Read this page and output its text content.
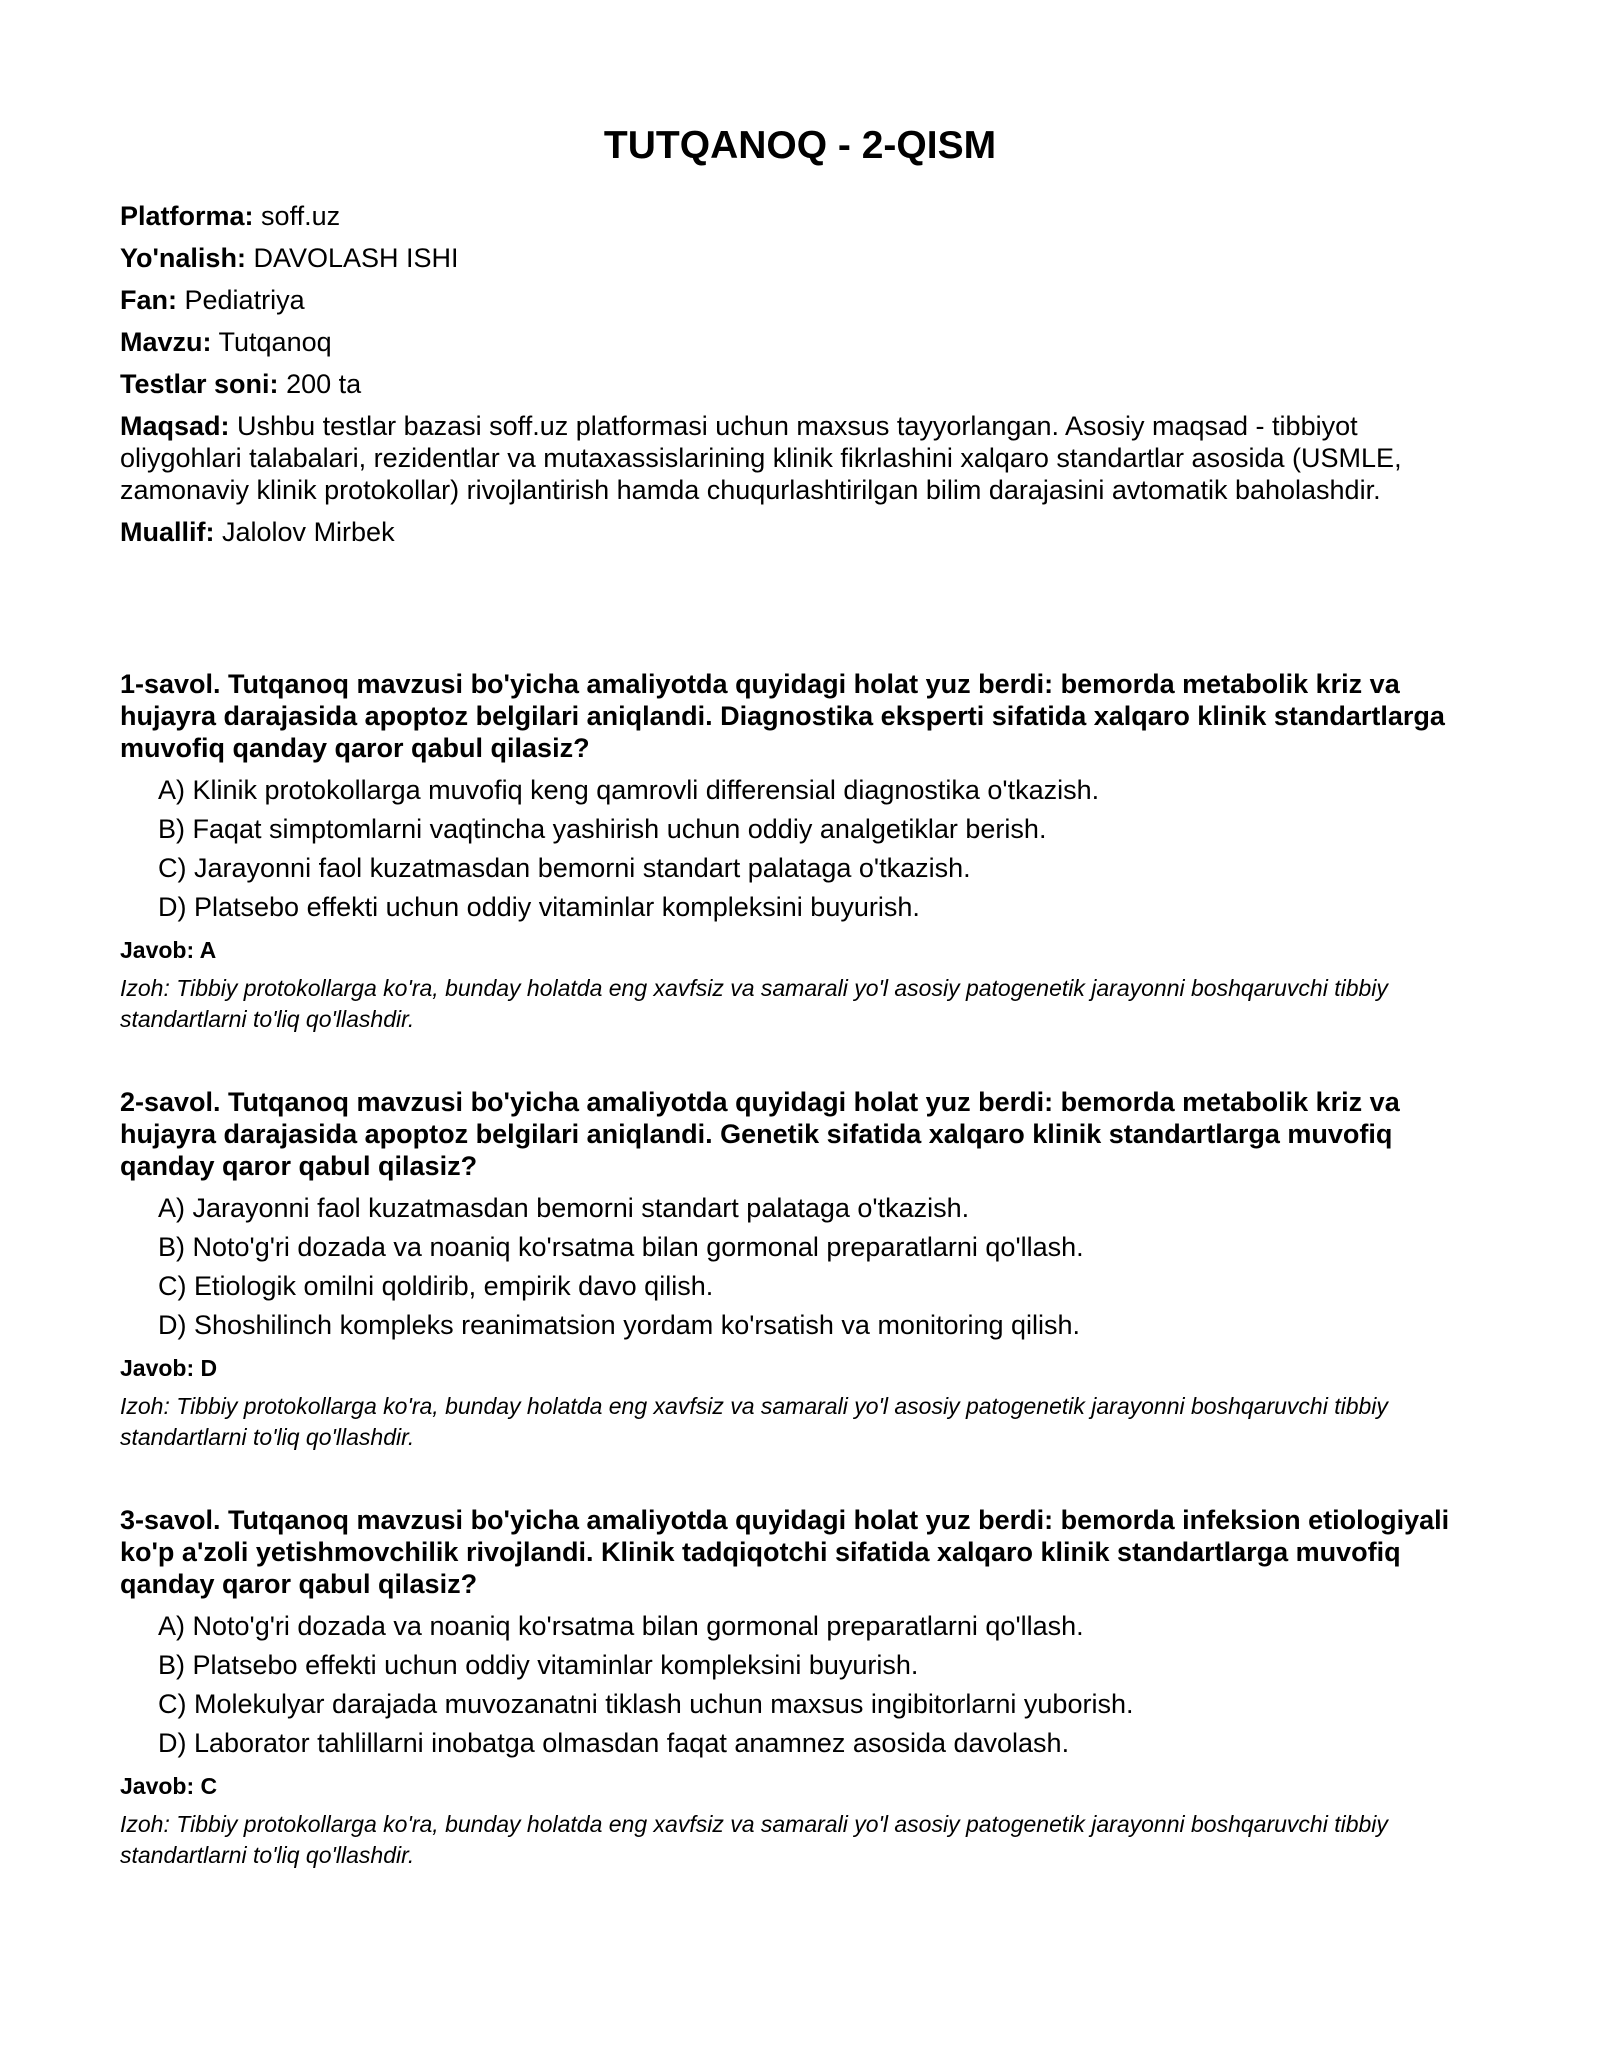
TUTQANOQ - 2-QISM
Platforma: soff.uz
Yo'nalish: DAVOLASH ISHI
Fan: Pediatriya
Mavzu: Tutqanoq
Testlar soni: 200 ta
Maqsad: Ushbu testlar bazasi soff.uz platformasi uchun maxsus tayyorlangan. Asosiy maqsad - tibbiyot oliygohlari talabalari, rezidentlar va mutaxassislarining klinik fikrlashini xalqaro standartlar asosida (USMLE, zamonaviy klinik protokollar) rivojlantirish hamda chuqurlashtirilgan bilim darajasini avtomatik baholashdir.
Muallif: Jalolov Mirbek
1-savol. Tutqanoq mavzusi bo'yicha amaliyotda quyidagi holat yuz berdi: bemorda metabolik kriz va hujayra darajasida apoptoz belgilari aniqlandi. Diagnostika eksperti sifatida xalqaro klinik standartlarga muvofiq qanday qaror qabul qilasiz?
A) Klinik protokollarga muvofiq keng qamrovli differensial diagnostika o'tkazish.
B) Faqat simptomlarni vaqtincha yashirish uchun oddiy analgetiklar berish.
C) Jarayonni faol kuzatmasdan bemorni standart palataga o'tkazish.
D) Platsebo effekti uchun oddiy vitaminlar kompleksini buyurish.
Javob: A
Izoh: Tibbiy protokollarga ko'ra, bunday holatda eng xavfsiz va samarali yo'l asosiy patogenetik jarayonni boshqaruvchi tibbiy standartlarni to'liq qo'llashdir.
2-savol. Tutqanoq mavzusi bo'yicha amaliyotda quyidagi holat yuz berdi: bemorda metabolik kriz va hujayra darajasida apoptoz belgilari aniqlandi. Genetik sifatida xalqaro klinik standartlarga muvofiq qanday qaror qabul qilasiz?
A) Jarayonni faol kuzatmasdan bemorni standart palataga o'tkazish.
B) Noto'g'ri dozada va noaniq ko'rsatma bilan gormonal preparatlarni qo'llash.
C) Etiologik omilni qoldirib, empirik davo qilish.
D) Shoshilinch kompleks reanimatsion yordam ko'rsatish va monitoring qilish.
Javob: D
Izoh: Tibbiy protokollarga ko'ra, bunday holatda eng xavfsiz va samarali yo'l asosiy patogenetik jarayonni boshqaruvchi tibbiy standartlarni to'liq qo'llashdir.
3-savol. Tutqanoq mavzusi bo'yicha amaliyotda quyidagi holat yuz berdi: bemorda infeksion etiologiyali ko'p a'zoli yetishmovchilik rivojlandi. Klinik tadqiqotchi sifatida xalqaro klinik standartlarga muvofiq qanday qaror qabul qilasiz?
A) Noto'g'ri dozada va noaniq ko'rsatma bilan gormonal preparatlarni qo'llash.
B) Platsebo effekti uchun oddiy vitaminlar kompleksini buyurish.
C) Molekulyar darajada muvozanatni tiklash uchun maxsus ingibitorlarni yuborish.
D) Laborator tahlillarni inobatga olmasdan faqat anamnez asosida davolash.
Javob: C
Izoh: Tibbiy protokollarga ko'ra, bunday holatda eng xavfsiz va samarali yo'l asosiy patogenetik jarayonni boshqaruvchi tibbiy standartlarni to'liq qo'llashdir.
